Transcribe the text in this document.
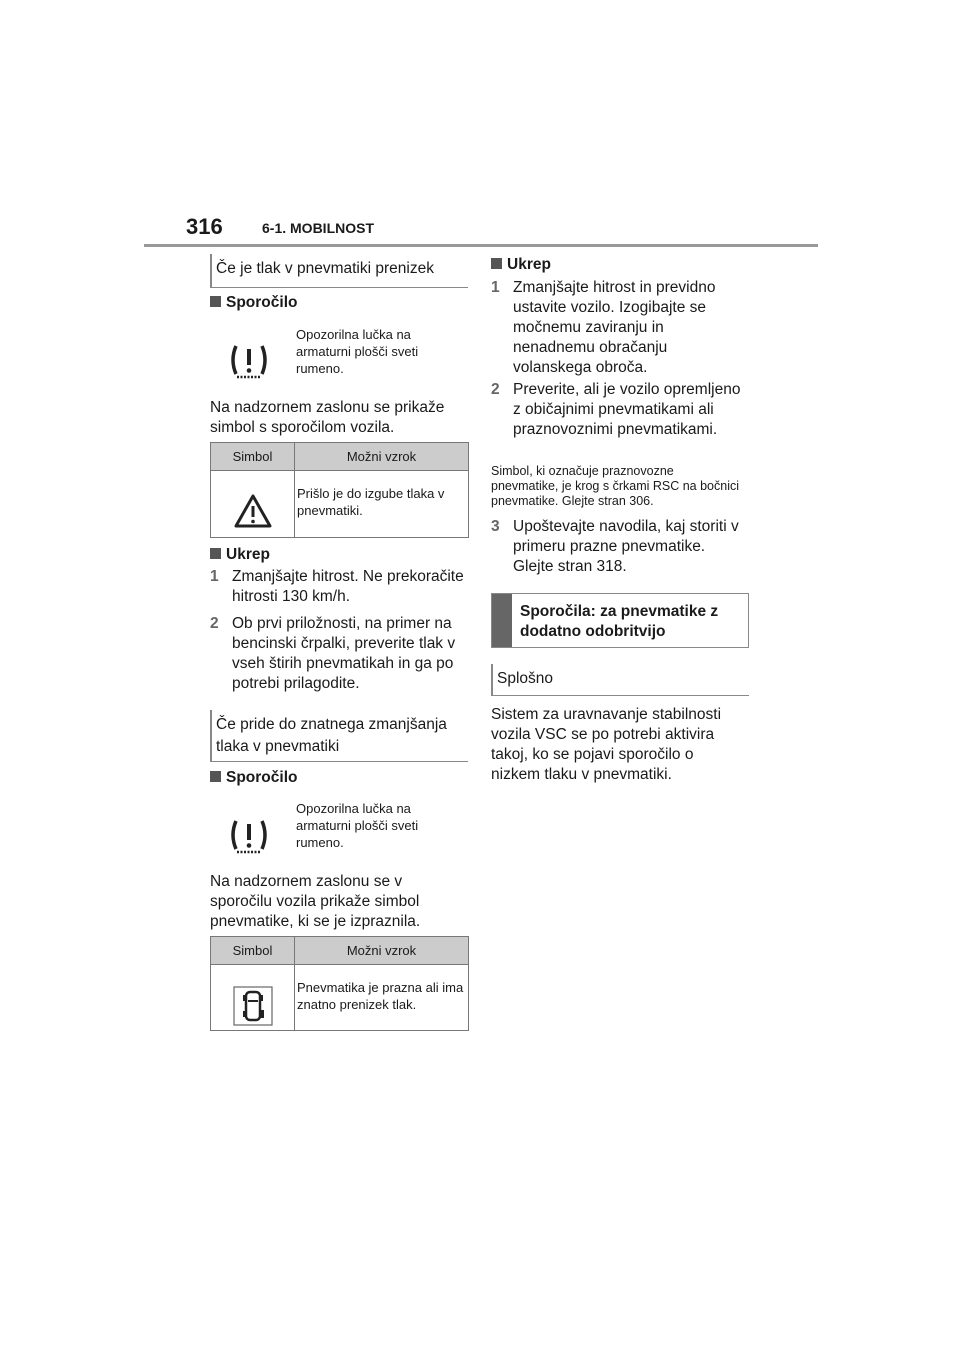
316	6-1. MOBILNOST
Če je tlak v pnevmatiki prenizek
Sporočilo
Opozorilna lučka na armaturni plošči sveti rumeno.
Na nadzornem zaslonu se prikaže simbol s sporočilom vozila.
Simbol	Možni vzrok
Prišlo je do izgube tlaka v pnevmatiki.
Ukrep
1 Zmanjšajte hitrost. Ne prekoračite hitrosti 130 km/h.
2 Ob prvi priložnosti, na primer na bencinski črpalki, preverite tlak v vseh štirih pnevmatikah in ga po potrebi prilagodite.
Če pride do znatnega zmanjšanja tlaka v pnevmatiki
Sporočilo
Opozorilna lučka na armaturni plošči sveti rumeno.
Na nadzornem zaslonu se v sporočilu vozila prikaže simbol pnevmatike, ki se je izpraznila.
Simbol	Možni vzrok
Pnevmatika je prazna ali ima znatno prenizek tlak.
Ukrep
1 Zmanjšajte hitrost in previdno ustavite vozilo. Izogibajte se močnemu zaviranju in nenadnemu obračanju volanskega obroča.
2 Preverite, ali je vozilo opremljeno z običajnimi pnevmatikami ali praznovoznimi pnevmatikami.
Simbol, ki označuje praznovozne pnevmatike, je krog s črkami RSC na bočnici pnevmatike. Glejte stran 306.
3 Upoštevajte navodila, kaj storiti v primeru prazne pnevmatike. Glejte stran 318.
Sporočila: za pnevmatike z dodatno odobritvijo
Splošno
Sistem za uravnavanje stabilnosti vozila VSC se po potrebi aktivira takoj, ko se pojavi sporočilo o nizkem tlaku v pnevmatiki.
